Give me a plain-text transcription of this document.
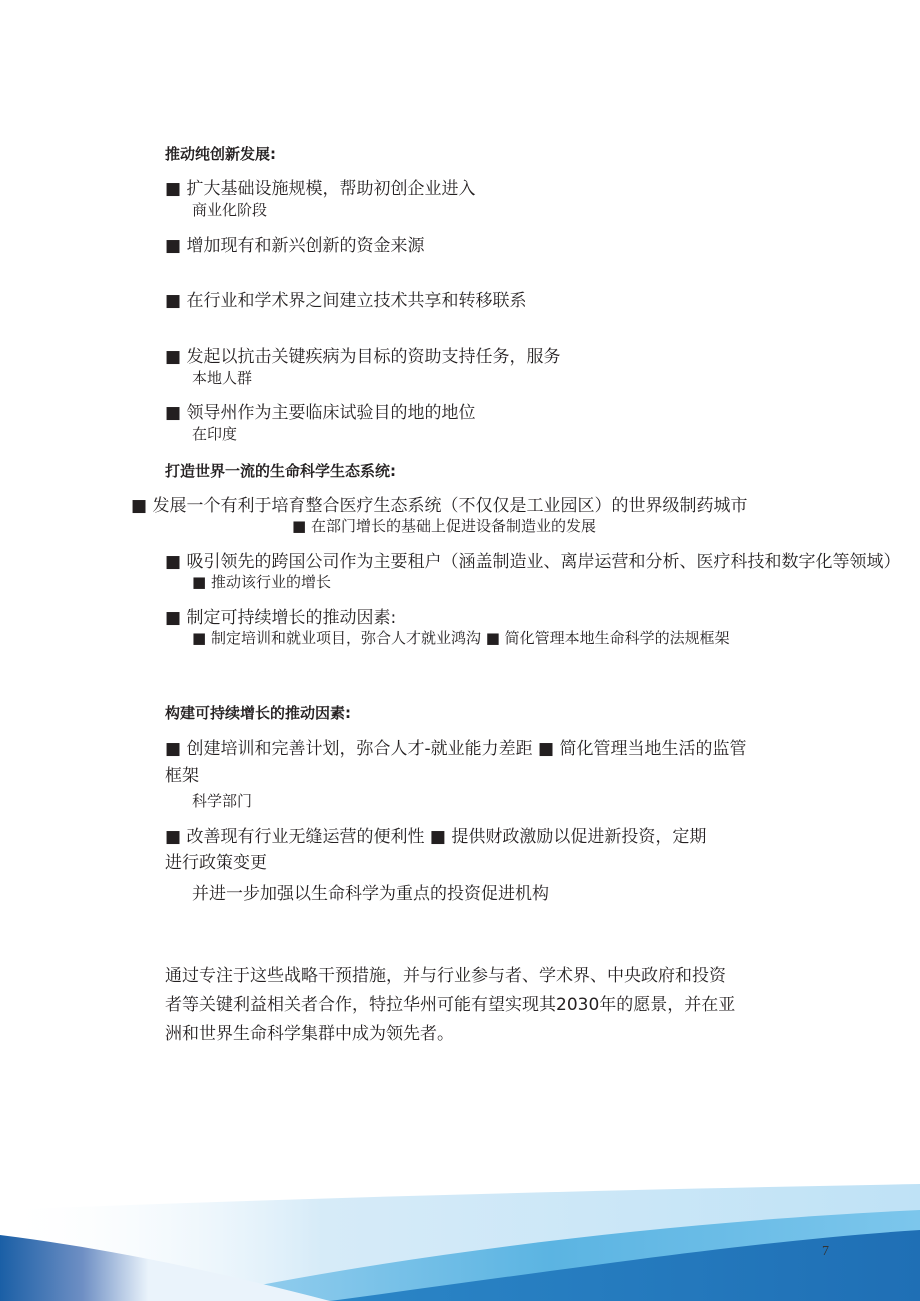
推动纯创新发展:
■ 扩大基础设施规模，帮助初创企业进入
商业化阶段
■ 增加现有和新兴创新的资金来源
■ 在行业和学术界之间建立技术共享和转移联系
■ 发起以抗击关键疾病为目标的资助支持任务，服务
本地人群
■ 领导州作为主要临床试验目的地的地位
在印度
打造世界一流的生命科学生态系统:
■ 发展一个有利于培育整合医疗生态系统（不仅仅是工业园区）的世界级制药城市
■ 在部门增长的基础上促进设备制造业的发展
■ 吸引领先的跨国公司作为主要租户（涵盖制造业、离岸运营和分析、医疗科技和数字化等领域）
■ 推动该行业的增长
■ 制定可持续增长的推动因素:
■ 制定培训和就业项目，弥合人才就业鸿沟 ■ 简化管理本地生命科学的法规框架
构建可持续增长的推动因素:
■ 创建培训和完善计划，弥合人才-就业能力差距 ■ 简化管理当地生活的监管
框架
科学部门
■ 改善现有行业无缝运营的便利性 ■ 提供财政激励以促进新投资，定期
进行政策变更
并进一步加强以生命科学为重点的投资促进机构
通过专注于这些战略干预措施，并与行业参与者、学术界、中央政府和投资
者等关键利益相关者合作，特拉华州可能有望实现其2030年的愿景，并在亚
洲和世界生命科学集群中成为领先者。
7
